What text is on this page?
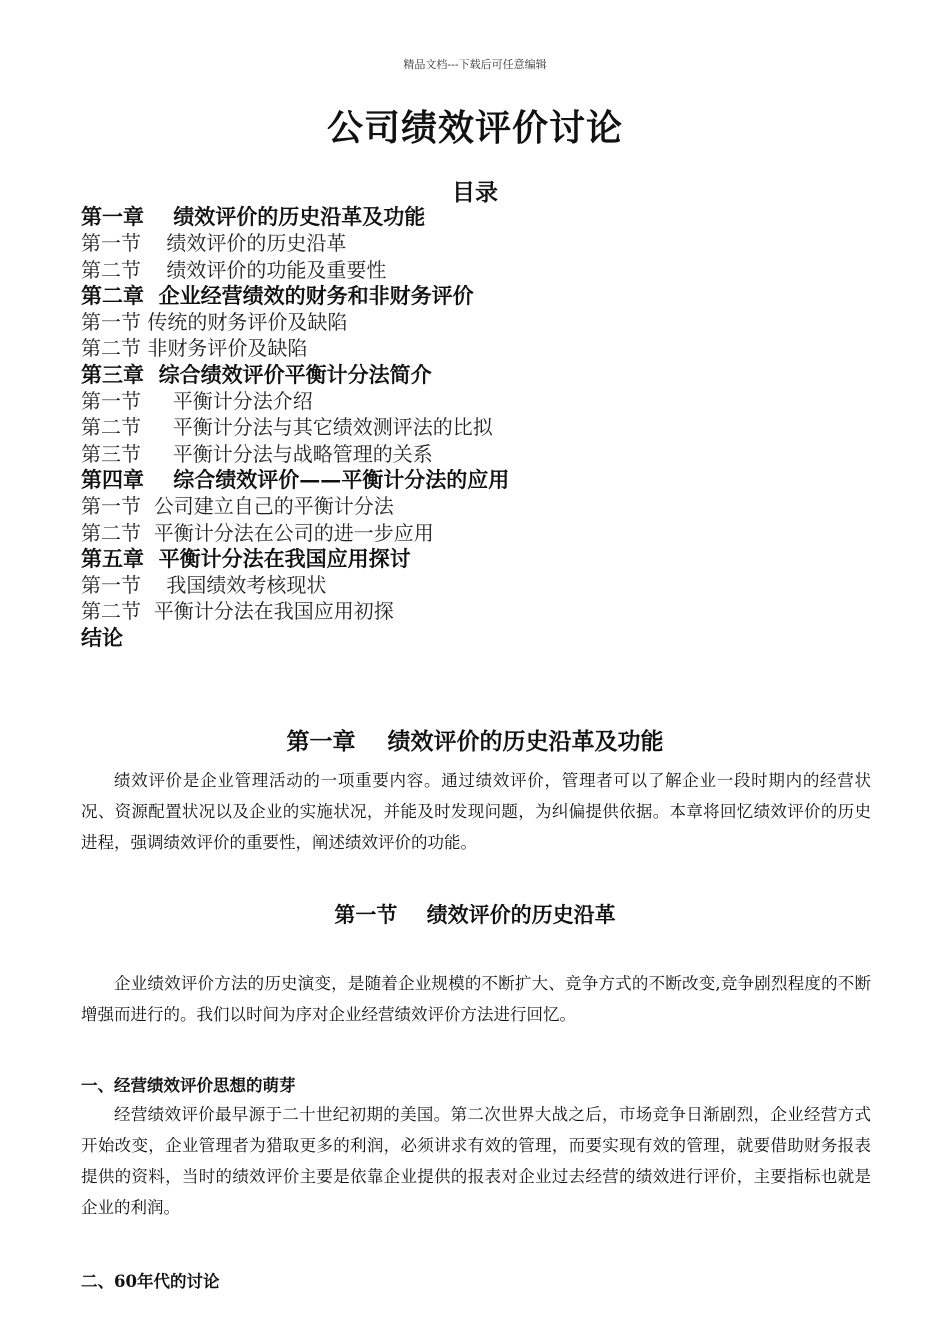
精品文档---下载后可任意编辑
公司绩效评价讨论
目录
第一章    绩效评价的历史沿革及功能
第一节    绩效评价的历史沿革
第二节    绩效评价的功能及重要性
第二章  企业经营绩效的财务和非财务评价
第一节 传统的财务评价及缺陷
第二节 非财务评价及缺陷
第三章  综合绩效评价平衡计分法简介
第一节     平衡计分法介绍
第二节     平衡计分法与其它绩效测评法的比拟
第三节     平衡计分法与战略管理的关系
第四章    综合绩效评价——平衡计分法的应用
第一节  公司建立自己的平衡计分法
第二节  平衡计分法在公司的进一步应用
第五章  平衡计分法在我国应用探讨
第一节    我国绩效考核现状
第二节  平衡计分法在我国应用初探
结论
第一章    绩效评价的历史沿革及功能
绩效评价是企业管理活动的一项重要内容。通过绩效评价，管理者可以了解企业一段时期内的经营状况、资源配置状况以及企业的实施状况，并能及时发现问题，为纠偏提供依据。本章将回忆绩效评价的历史进程，强调绩效评价的重要性，阐述绩效评价的功能。
第一节    绩效评价的历史沿革
企业绩效评价方法的历史演变，是随着企业规模的不断扩大、竞争方式的不断改变,竞争剧烈程度的不断增强而进行的。我们以时间为序对企业经营绩效评价方法进行回忆。
一、经营绩效评价思想的萌芽
经营绩效评价最早源于二十世纪初期的美国。第二次世界大战之后，市场竞争日渐剧烈，企业经营方式开始改变，企业管理者为猎取更多的利润，必须讲求有效的管理，而要实现有效的管理，就要借助财务报表提供的资料，当时的绩效评价主要是依靠企业提供的报表对企业过去经营的绩效进行评价，主要指标也就是企业的利润。
二、60年代的讨论
